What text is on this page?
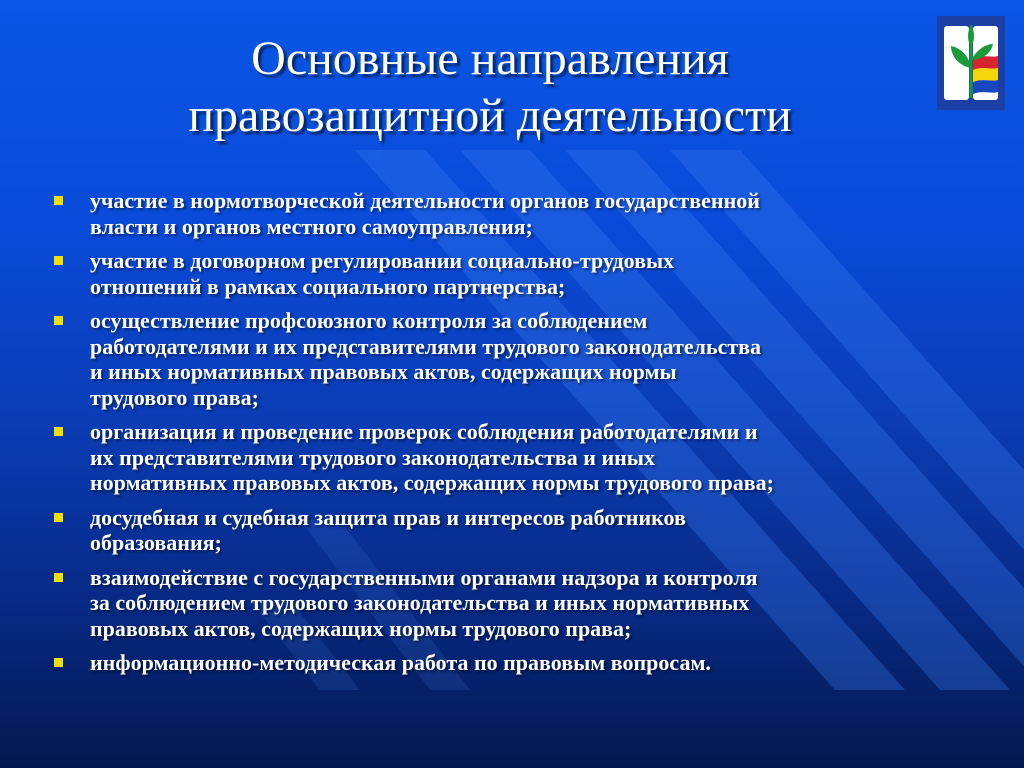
Основные направления
правозащитной деятельности
участие в нормотворческой деятельности органов государственной
власти и органов местного самоуправления;
участие в договорном регулировании социально-трудовых
отношений в рамках социального партнерства;
осуществление профсоюзного контроля за соблюдением
работодателями и их представителями трудового законодательства
и иных нормативных правовых актов, содержащих нормы
трудового права;
организация и проведение проверок соблюдения работодателями и
их представителями трудового законодательства и иных
нормативных правовых актов, содержащих нормы трудового права;
досудебная и судебная защита прав и интересов работников
образования;
взаимодействие с государственными органами надзора и контроля
за соблюдением трудового законодательства и иных нормативных
правовых актов, содержащих нормы трудового права;
информационно-методическая работа по правовым вопросам.
